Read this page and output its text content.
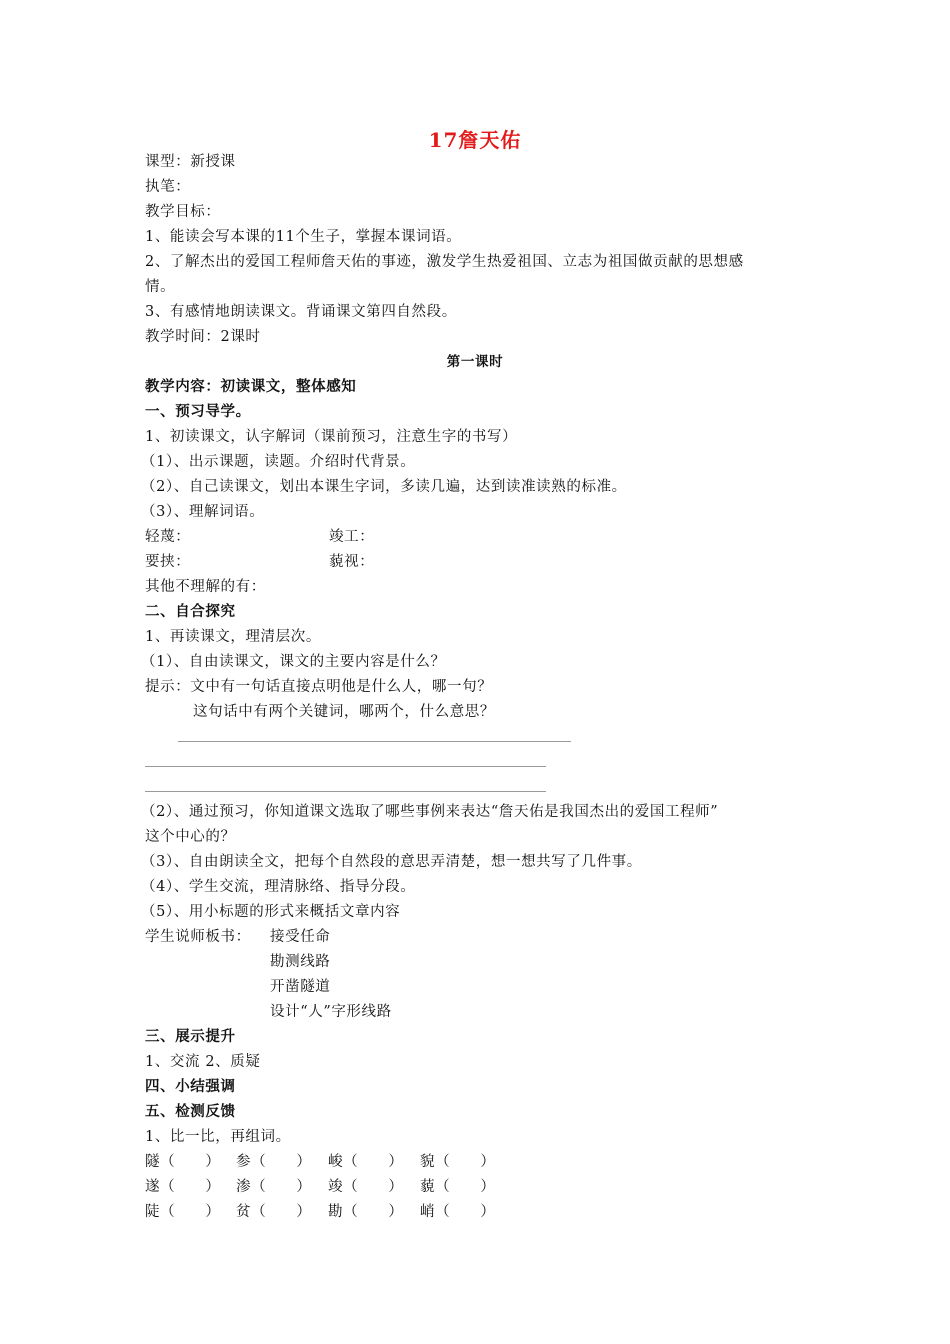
17詹天佑
课型：新授课
执笔：
教学目标：
1、能读会写本课的11个生子，掌握本课词语。
2、了解杰出的爱国工程师詹天佑的事迹，激发学生热爱祖国、立志为祖国做贡献的思想感
情。
3、有感情地朗读课文。背诵课文第四自然段。
教学时间：2课时
第一课时
教学内容：初读课文，整体感知
一、预习导学。
1、初读课文，认字解词（课前预习，注意生字的书写）
（1）、出示课题，读题。介绍时代背景。
（2）、自己读课文，划出本课生字词，多读几遍，达到读准读熟的标准。
（3）、理解词语。
轻蔑：	竣工：
要挟：	藐视：
其他不理解的有：
二、自合探究
1、再读课文，理清层次。
（1）、自由读课文，课文的主要内容是什么？
提示：文中有一句话直接点明他是什么人，哪一句？
这句话中有两个关键词，哪两个，什么意思？
（2）、通过预习，你知道课文选取了哪些事例来表达“詹天佑是我国杰出的爱国工程师”
这个中心的？
（3）、自由朗读全文，把每个自然段的意思弄清楚，想一想共写了几件事。
（4）、学生交流，理清脉络、指导分段。
（5）、用小标题的形式来概括文章内容
学生说师板书： 接受任命
勘测线路
开凿隧道
设计“人”字形线路
三、展示提升
1、交流 2、质疑
四、小结强调
五、检测反馈
1、比一比，再组词。
隧（　　） 参（　　） 峻（　　） 貌（　　）
遂（　　） 渗（　　） 竣（　　） 藐（　　）
陡（　　） 贫（　　） 勘（　　） 峭（　　）
